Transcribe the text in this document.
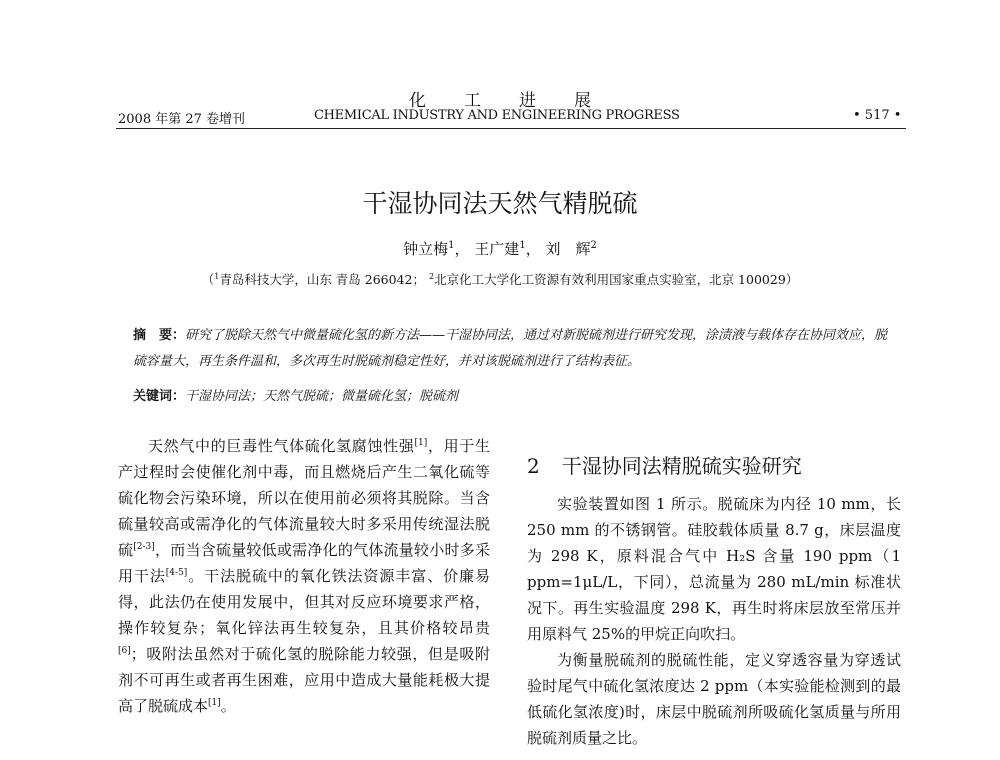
化工进展
2008 年第 27 卷增刊	CHEMICAL INDUSTRY AND ENGINEERING PROGRESS	• 517 •
干湿协同法天然气精脱硫
钟立梅$^1$， 王广建$^1$， 刘　辉$^2$
（$^1$青岛科技大学，山东 青岛 266042； $^2$北京化工大学化工资源有效利用国家重点实验室，北京 100029）
摘　要：研究了脱除天然气中微量硫化氢的新方法——干湿协同法，通过对新脱硫剂进行研究发现，涂渍液与载体存在协同效应，脱硫容量大，再生条件温和，多次再生时脱硫剂稳定性好，并对该脱硫剂进行了结构表征。
关键词：干湿协同法；天然气脱硫；微量硫化氢；脱硫剂

天然气中的巨毒性气体硫化氢腐蚀性强[1]，用于生产过程时会使催化剂中毒，而且燃烧后产生二氧化硫等硫化物会污染环境，所以在使用前必须将其脱除。当含硫量较高或需净化的气体流量较大时多采用传统湿法脱硫[2-3]，而当含硫量较低或需净化的气体流量较小时多采用干法[4-5]。干法脱硫中的氧化铁法资源丰富、价廉易得，此法仍在使用发展中，但其对反应环境要求严格，操作较复杂；氧化锌法再生较复杂，且其价格较昂贵[6]；吸附法虽然对于硫化氢的脱除能力较强，但是吸附剂不可再生或者再生困难，应用中造成大量能耗极大提高了脱硫成本[1]。

2 干湿协同法精脱硫实验研究

实验装置如图 1 所示。脱硫床为内径 10 mm，长 250 mm 的不锈钢管。硅胶载体质量 8.7 g，床层温度为 298 K，原料混合气中 H₂S 含量 190 ppm（1 ppm=1μL/L，下同），总流量为 280 mL/min 标准状况下。再生实验温度 298 K，再生时将床层放至常压并用原料气 25%的甲烷正向吹扫。

为衡量脱硫剂的脱硫性能，定义穿透容量为穿透试验时尾气中硫化氢浓度达 2 ppm（本实验能检测到的最低硫化氢浓度)时，床层中脱硫剂所吸硫化氢质量与所用脱硫剂质量之比。
